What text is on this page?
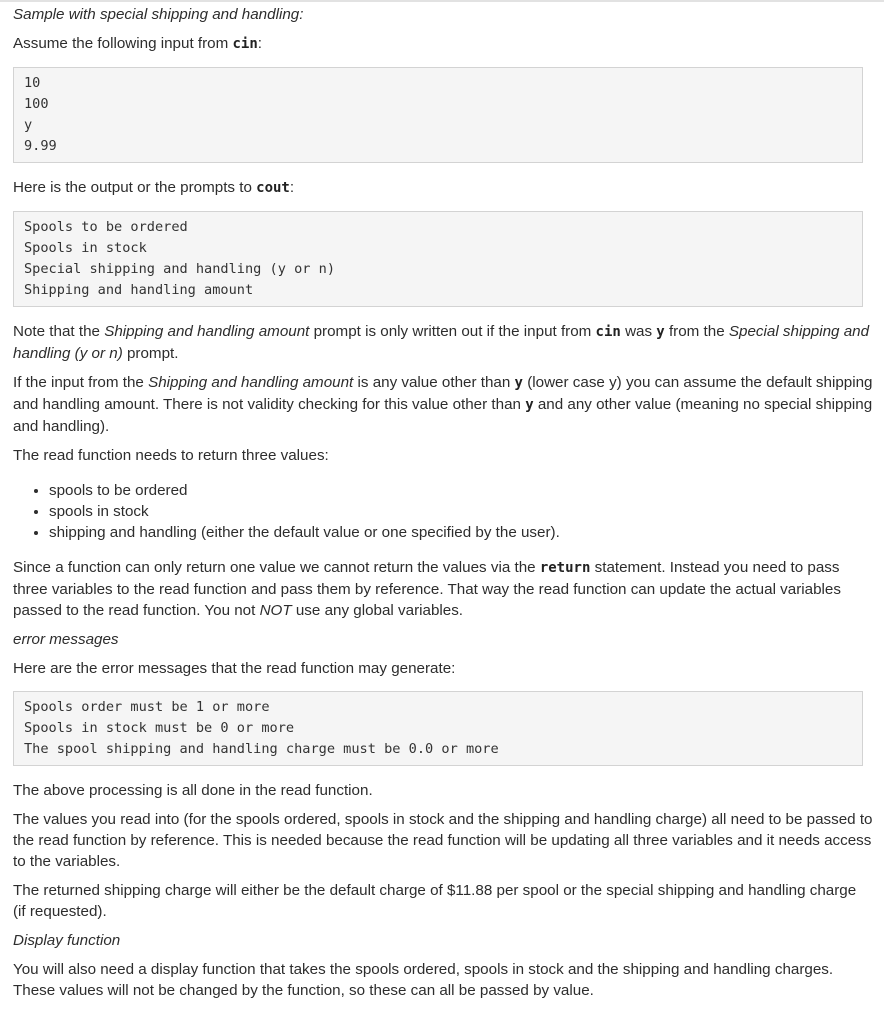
Sample with special shipping and handling:

Assume the following input from cin:

10
100
y
9.99

Here is the output or the prompts to cout:

Spools to be ordered
Spools in stock
Special shipping and handling (y or n)
Shipping and handling amount

Note that the Shipping and handling amount prompt is only written out if the input from cin was y from the Special shipping and handling (y or n) prompt.

If the input from the Shipping and handling amount is any value other than y (lower case y) you can assume the default shipping and handling amount. There is not validity checking for this value other than y and any other value (meaning no special shipping and handling).

The read function needs to return three values:

• spools to be ordered
• spools in stock
• shipping and handling (either the default value or one specified by the user).

Since a function can only return one value we cannot return the values via the return statement. Instead you need to pass three variables to the read function and pass them by reference. That way the read function can update the actual variables passed to the read function. You not NOT use any global variables.

error messages

Here are the error messages that the read function may generate:

Spools order must be 1 or more
Spools in stock must be 0 or more
The spool shipping and handling charge must be 0.0 or more

The above processing is all done in the read function.

The values you read into (for the spools ordered, spools in stock and the shipping and handling charge) all need to be passed to the read function by reference. This is needed because the read function will be updating all three variables and it needs access to the variables.

The returned shipping charge will either be the default charge of $11.88 per spool or the special shipping and handling charge (if requested).

Display function

You will also need a display function that takes the spools ordered, spools in stock and the shipping and handling charges. These values will not be changed by the function, so these can all be passed by value.
